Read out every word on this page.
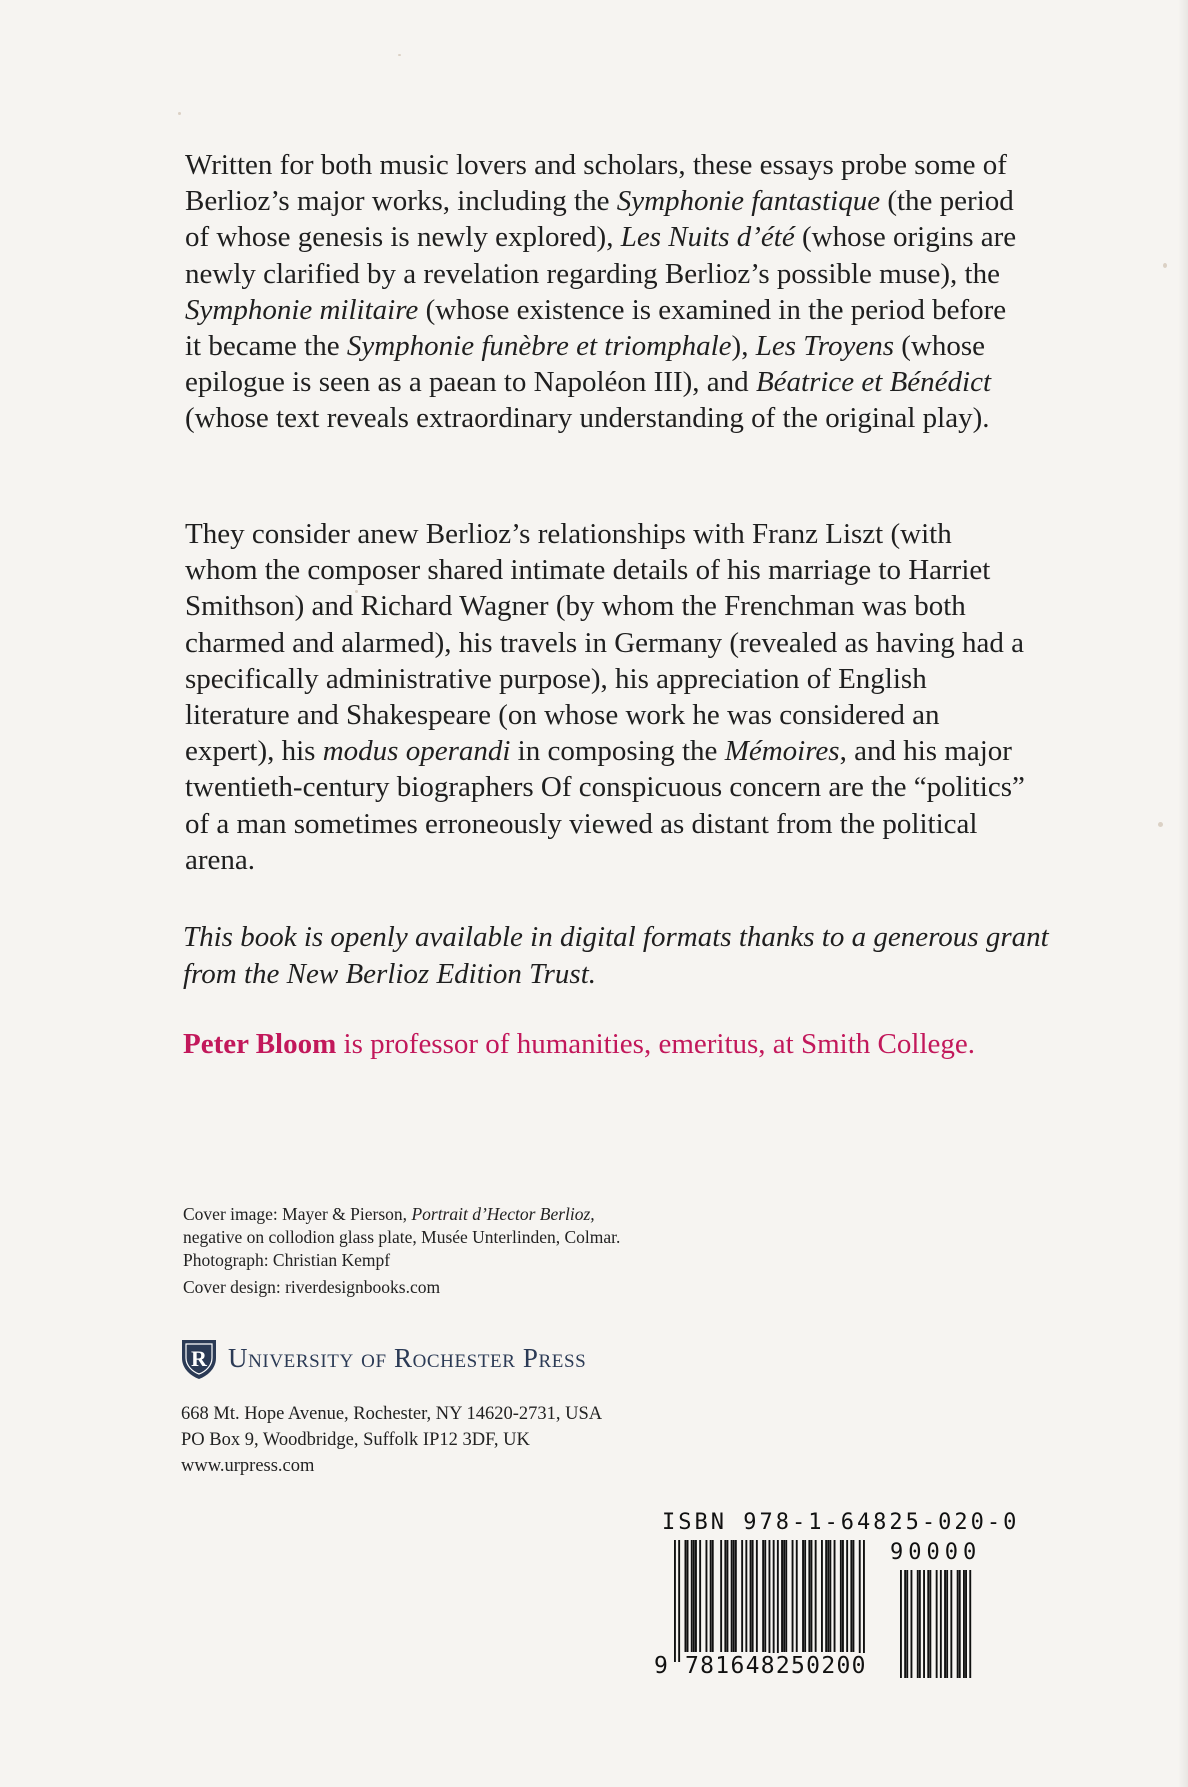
Written for both music lovers and scholars, these essays probe some of Berlioz’s major works, including the Symphonie fantastique (the period of whose genesis is newly explored), Les Nuits d’été (whose origins are newly clarified by a revelation regarding Berlioz’s possible muse), the Symphonie militaire (whose existence is examined in the period before it became the Symphonie funèbre et triomphale), Les Troyens (whose epilogue is seen as a paean to Napoléon III), and Béatrice et Bénédict (whose text reveals extraordinary understanding of the original play).

They consider anew Berlioz’s relationships with Franz Liszt (with whom the composer shared intimate details of his marriage to Harriet Smithson) and Richard Wagner (by whom the Frenchman was both charmed and alarmed), his travels in Germany (revealed as having had a specifically administrative purpose), his appreciation of English literature and Shakespeare (on whose work he was considered an expert), his modus operandi in composing the Mémoires, and his major twentieth-century biographers Of conspicuous concern are the “politics” of a man sometimes erroneously viewed as distant from the political arena.

This book is openly available in digital formats thanks to a generous grant from the New Berlioz Edition Trust.
Peter Bloom is professor of humanities, emeritus, at Smith College.
Cover image: Mayer & Pierson, Portrait d’Hector Berlioz,
negative on collodion glass plate, Musée Unterlinden, Colmar.
Photograph: Christian Kempf
Cover design: riverdesignbooks.com
R University of Rochester Press
668 Mt. Hope Avenue, Rochester, NY 14620-2731, USA
PO Box 9, Woodbridge, Suffolk IP12 3DF, UK
www.urpress.com
ISBN 978-1-64825-020-0
90000
9 781648250200
